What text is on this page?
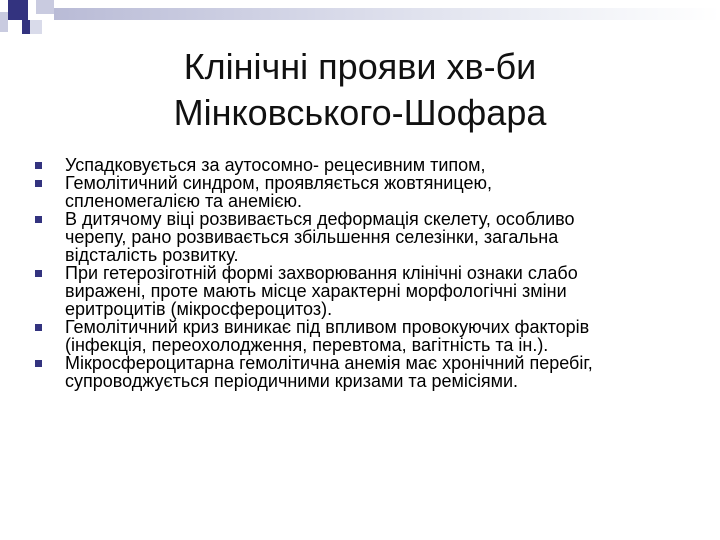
Клінічні прояви хв-би
Мінковського-Шофара
Успадковується за аутосомно- рецесивним типом,
Гемолітичний синдром, проявляється жовтяницею,
спленомегалією та анемією.
В дитячому віці розвивається деформація скелету, особливо
черепу, рано розвивається збільшення селезінки, загальна
відсталість розвитку.
При гетерозіготній формі захворювання клінічні ознаки слабо
виражені, проте мають місце характерні морфологічні зміни
еритроцитів (мікросфероцитоз).
Гемолітичний криз виникає під впливом провокуючих факторів
(інфекція, переохолодження, перевтома, вагітність та ін.).
Мікросфероцитарна гемолітична анемія має хронічний перебіг,
супроводжується періодичними кризами та ремісіями.
